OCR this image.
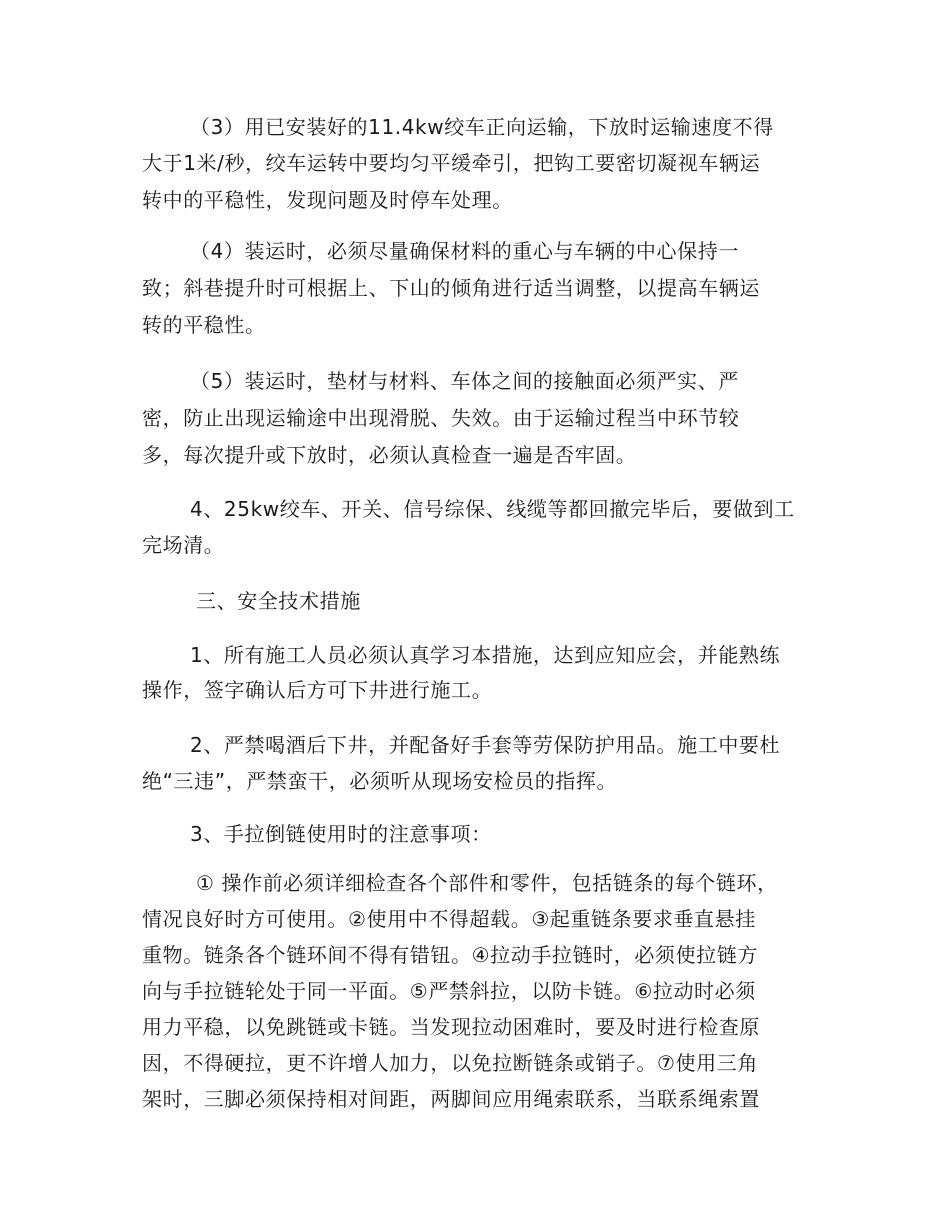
（3）用已安装好的11.4kw绞车正向运输，下放时运输速度不得
大于1米/秒，绞车运转中要均匀平缓牵引，把钩工要密切凝视车辆运
转中的平稳性，发现问题及时停车处理。
（4）装运时，必须尽量确保材料的重心与车辆的中心保持一
致；斜巷提升时可根据上、下山的倾角进行适当调整，以提高车辆运
转的平稳性。
（5）装运时，垫材与材料、车体之间的接触面必须严实、严
密，防止出现运输途中出现滑脱、失效。由于运输过程当中环节较
多，每次提升或下放时，必须认真检查一遍是否牢固。
4、25kw绞车、开关、信号综保、线缆等都回撤完毕后，要做到工
完场清。
三、安全技术措施
1、所有施工人员必须认真学习本措施，达到应知应会，并能熟练
操作，签字确认后方可下井进行施工。
2、严禁喝酒后下井，并配备好手套等劳保防护用品。施工中要杜
绝“三违”，严禁蛮干，必须听从现场安检员的指挥。
3、手拉倒链使用时的注意事项：
① 操作前必须详细检查各个部件和零件，包括链条的每个链环，
情况良好时方可使用。②使用中不得超载。③起重链条要求垂直悬挂
重物。链条各个链环间不得有错钮。④拉动手拉链时，必须使拉链方
向与手拉链轮处于同一平面。⑤严禁斜拉，以防卡链。⑥拉动时必须
用力平稳，以免跳链或卡链。当发现拉动困难时，要及时进行检查原
因，不得硬拉，更不许增人加力，以免拉断链条或销子。⑦使用三角
架时，三脚必须保持相对间距，两脚间应用绳索联系，当联系绳索置
